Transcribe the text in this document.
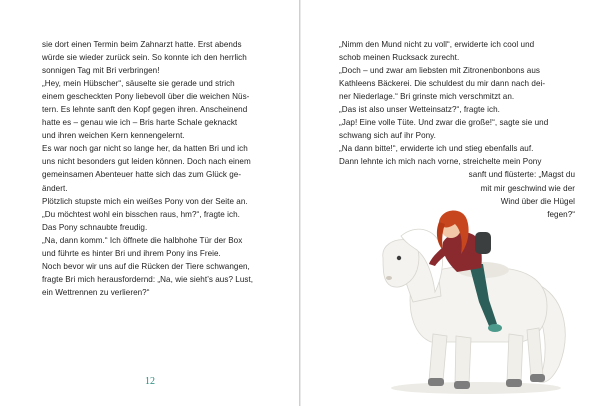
sie dort einen Termin beim Zahnarzt hatte. Erst abends
würde sie wieder zurück sein. So konnte ich den herrlich
sonnigen Tag mit Bri verbringen!
„Hey, mein Hübscher“, säuselte sie gerade und strich
einem gescheckten Pony liebevoll über die weichen Nüs-
tern. Es lehnte sanft den Kopf gegen ihren. Anscheinend
hatte es – genau wie ich – Bris harte Schale geknackt
und ihren weichen Kern kennengelernt.
Es war noch gar nicht so lange her, da hatten Bri und ich
uns nicht besonders gut leiden können. Doch nach einem
gemeinsamen Abenteuer hatte sich das zum Glück ge-
ändert.
Plötzlich stupste mich ein weißes Pony von der Seite an.
„Du möchtest wohl ein bisschen raus, hm?“, fragte ich.
Das Pony schnaubte freudig.
„Na, dann komm.“ Ich öffnete die halbhohe Tür der Box
und führte es hinter Bri und ihrem Pony ins Freie.
Noch bevor wir uns auf die Rücken der Tiere schwangen,
fragte Bri mich herausfordernd: „Na, wie sieht’s aus? Lust,
ein Wettrennen zu verlieren?“
12
„Nimm den Mund nicht zu voll“, erwiderte ich cool und
schob meinen Rucksack zurecht.
„Doch – und zwar am liebsten mit Zitronenbonbons aus
Kathleens Bäckerei. Die schuldest du mir dann nach dei-
ner Niederlage.“ Bri grinste mich verschmitzt an.
„Das ist also unser Wetteinsatz?“, fragte ich.
„Jap! Eine volle Tüte. Und zwar die große!“, sagte sie und
schwang sich auf ihr Pony.
„Na dann bitte!“, erwiderte ich und stieg ebenfalls auf.
Dann lehnte ich mich nach vorne, streichelte mein Pony
sanft und flüsterte: „Magst du
mit mir geschwind wie der
Wind über die Hügel
fegen?“
